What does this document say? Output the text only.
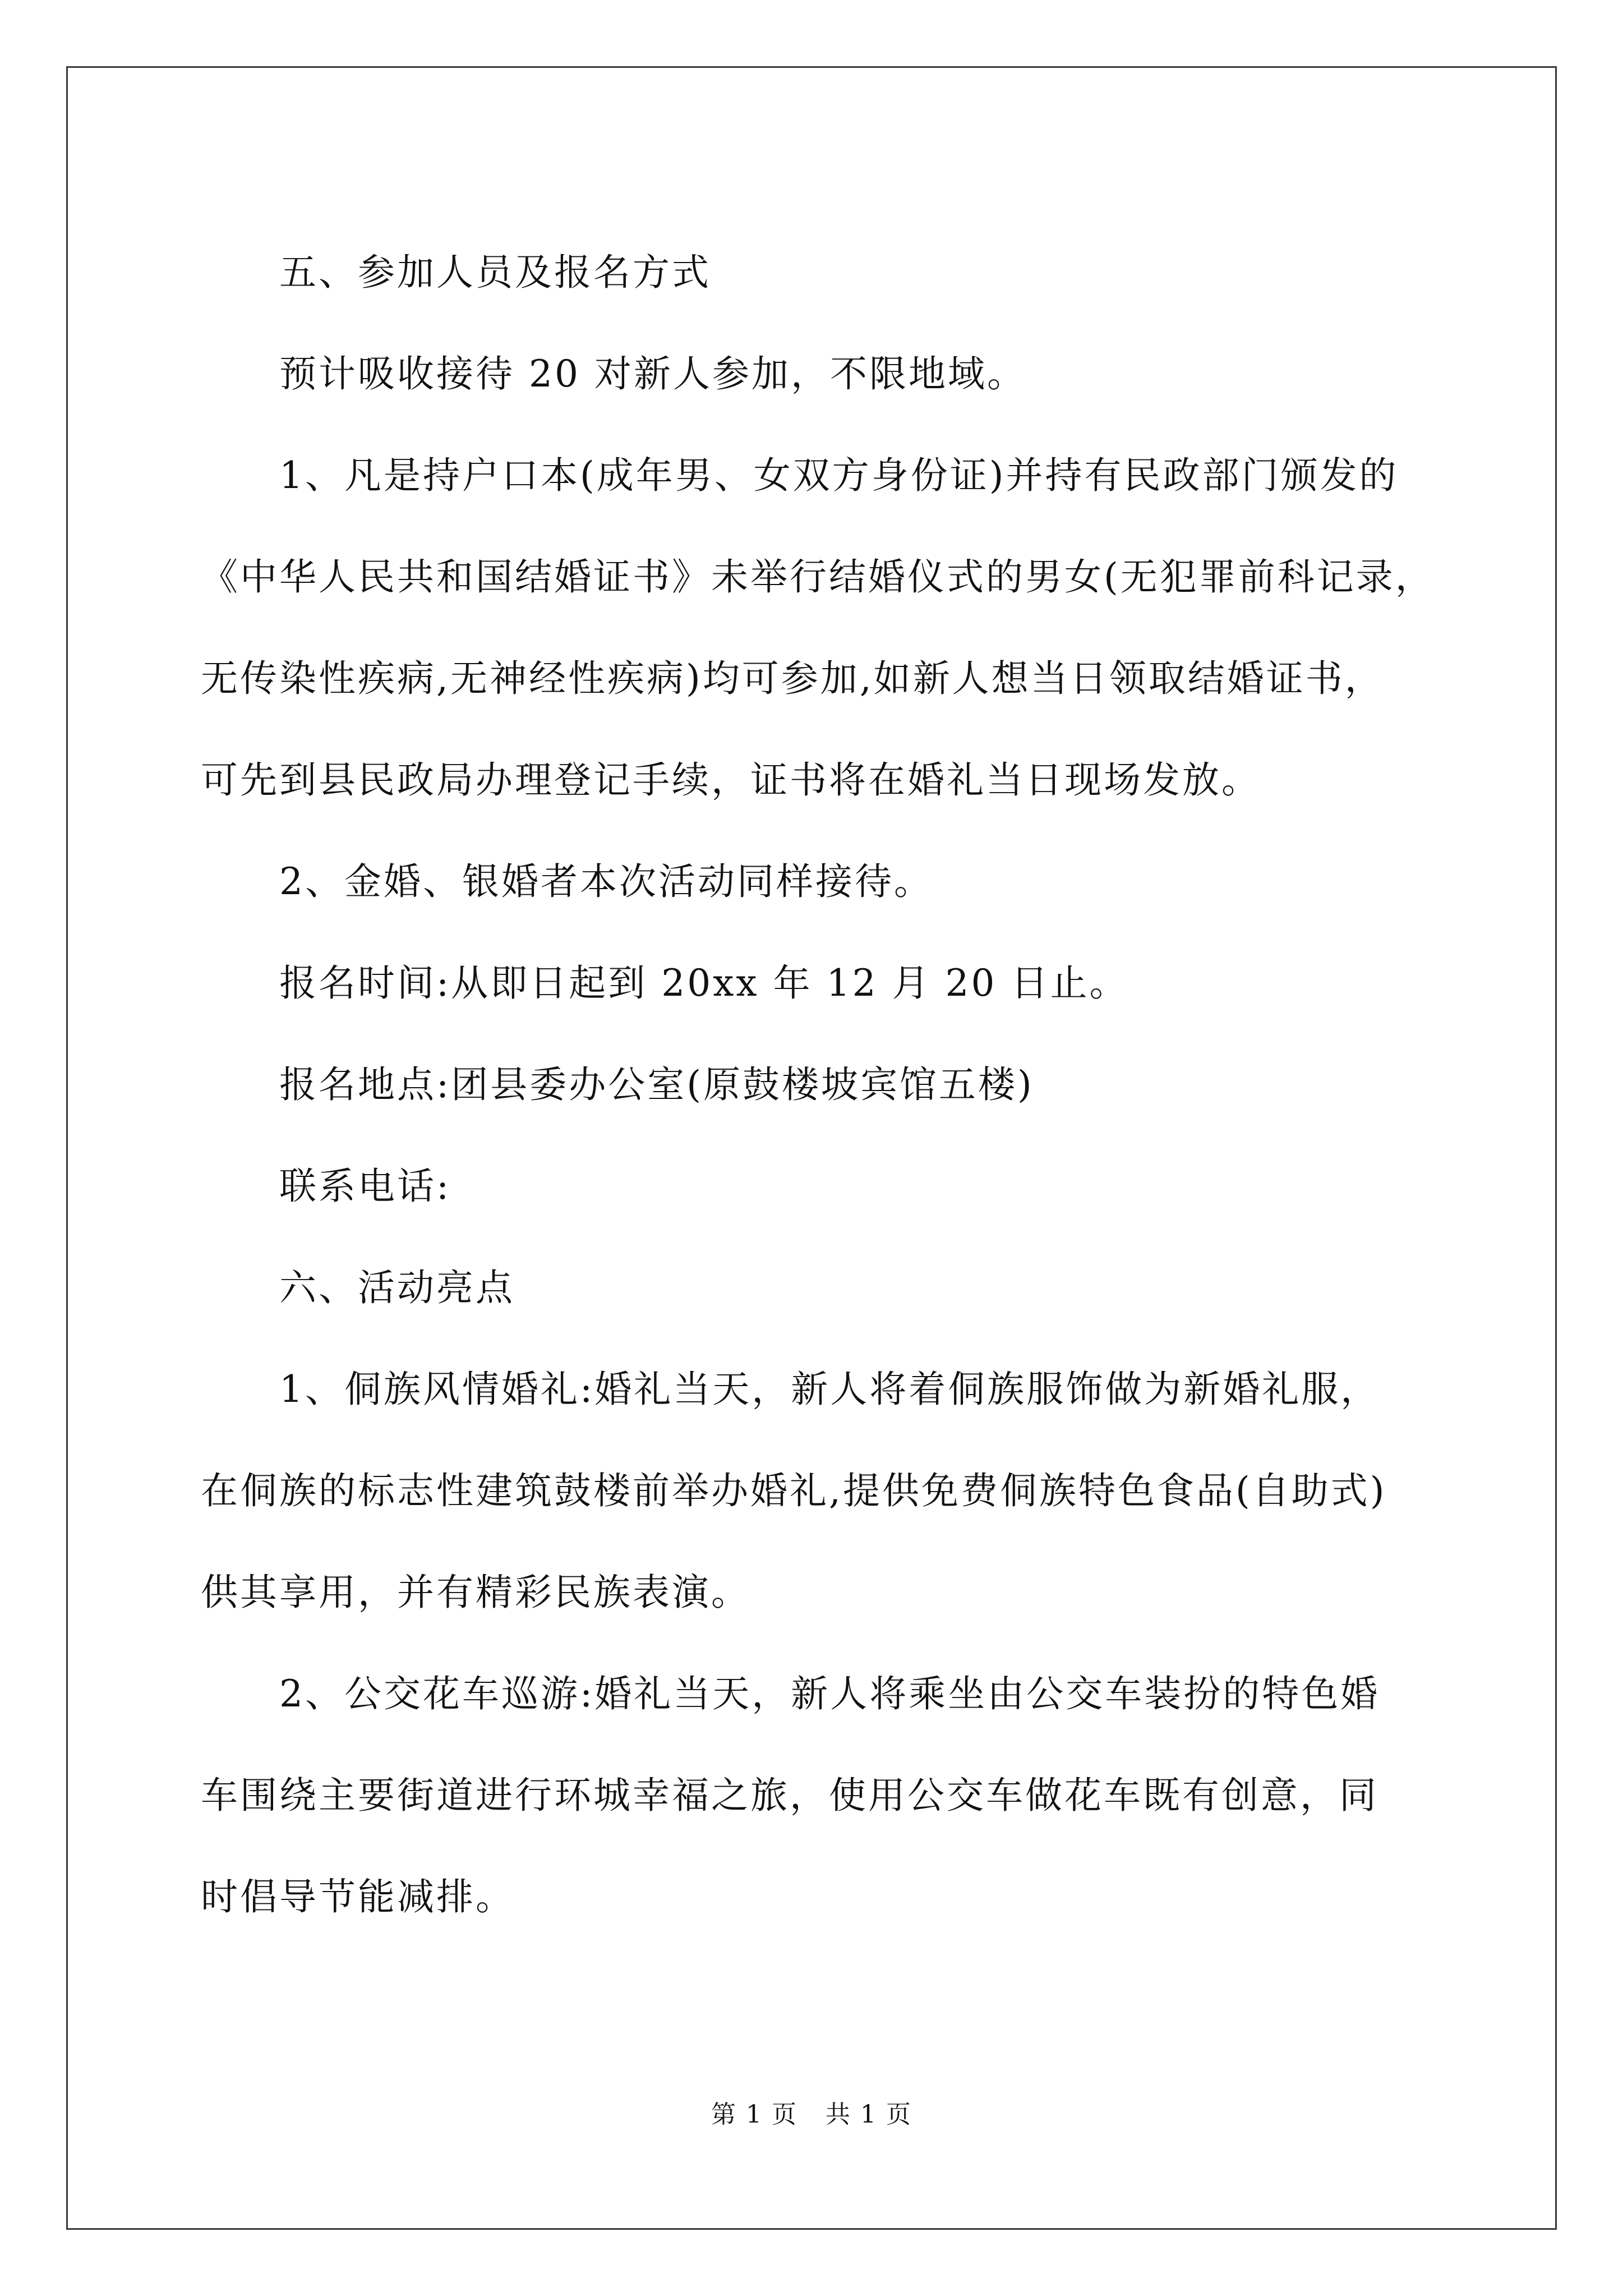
五、参加人员及报名方式

预计吸收接待 20 对新人参加，不限地域。

1、凡是持户口本(成年男、女双方身份证)并持有民政部门颁发的

《中华人民共和国结婚证书》未举行结婚仪式的男女(无犯罪前科记录，

无传染性疾病,无神经性疾病)均可参加,如新人想当日领取结婚证书，

可先到县民政局办理登记手续，证书将在婚礼当日现场发放。

2、金婚、银婚者本次活动同样接待。

报名时间:从即日起到 20xx 年 12 月 20 日止。

报名地点:团县委办公室(原鼓楼坡宾馆五楼)

联系电话:

六、活动亮点

1、侗族风情婚礼:婚礼当天，新人将着侗族服饰做为新婚礼服，

在侗族的标志性建筑鼓楼前举办婚礼,提供免费侗族特色食品(自助式)

供其享用，并有精彩民族表演。

2、公交花车巡游:婚礼当天，新人将乘坐由公交车装扮的特色婚

车围绕主要街道进行环城幸福之旅，使用公交车做花车既有创意，同

时倡导节能减排。

第 1 页 共 1 页
